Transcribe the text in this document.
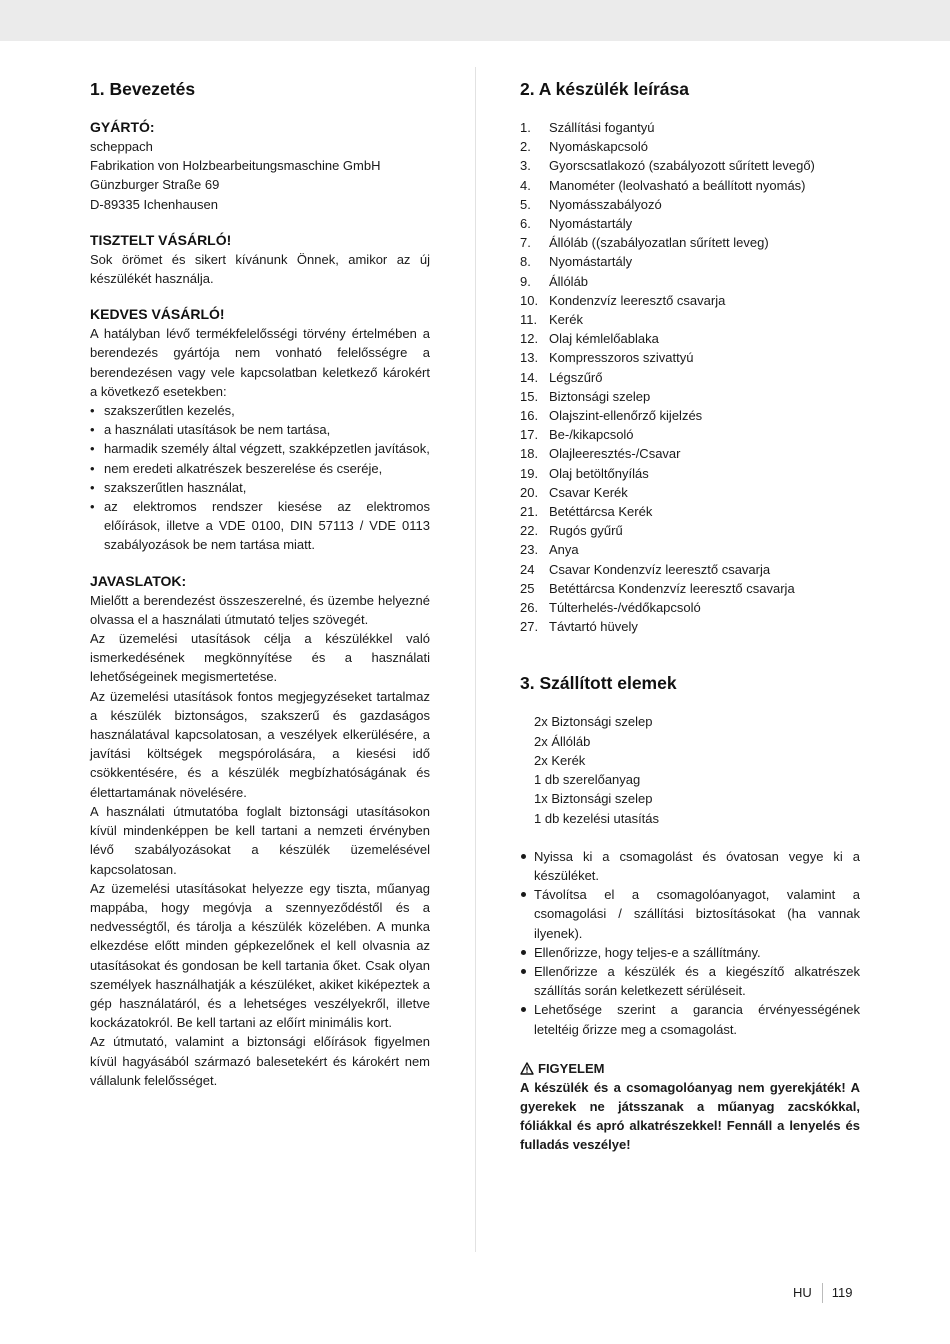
1. Bevezetés
GYÁRTÓ:
scheppach
Fabrikation von Holzbearbeitungsmaschine GmbH
Günzburger Straße 69
D-89335 Ichenhausen
TISZTELT VÁSÁRLÓ!

Sok örömet és sikert kívánunk Önnek, amikor az új készülékét használja.

KEDVES VÁSÁRLÓ!

A hatályban lévő termékfelelősségi törvény értelmében a berendezés gyártója nem vonható felelősségre a berendezésen vagy vele kapcsolatban keletkező károkért a következő esetekben:

• szakszerűtlen kezelés,
• a használati utasítások be nem tartása,
• harmadik személy által végzett, szakképzetlen javítások,
• nem eredeti alkatrészek beszerelése és cseréje,
• szakszerűtlen használat,
• az elektromos rendszer kiesése az elektromos előírások, illetve a VDE 0100, DIN 57113 / VDE 0113 szabályozások be nem tartása miatt.
JAVASLATOK:

Mielőtt a berendezést összeszerelné, és üzembe helyezné olvassa el a használati útmutató teljes szövegét.

Az üzemelési utasítások célja a készülékkel való ismerkedésének megkönnyítése és a használati lehetőségeinek megismertetése.

Az üzemelési utasítások fontos megjegyzéseket tartalmaz a készülék biztonságos, szakszerű és gazdaságos használatával kapcsolatosan, a veszélyek elkerülésére, a javítási költségek megspórolására, a kiesési idő csökkentésére, és a készülék megbízhatóságának és élettartamának növelésére.

A használati útmutatóba foglalt biztonsági utasításokon kívül mindenképpen be kell tartani a nemzeti érvényben lévő szabályozásokat a készülék üzemelésével kapcsolatosan.

Az üzemelési utasításokat helyezze egy tiszta, műanyag mappába, hogy megóvja a szennyeződéstől és a nedvességtől, és tárolja a készülék közelében. A munka elkezdése előtt minden gépkezelőnek el kell olvasnia az utasításokat és gondosan be kell tartania őket. Csak olyan személyek használhatják a készüléket, akiket kiképeztek a gép használatáról, és a lehetséges veszélyekről, illetve kockázatokról. Be kell tartani az előírt minimális kort.

Az útmutató, valamint a biztonsági előírások figyelmen kívül hagyásából származó balesetekért és károkért nem vállalunk felelősséget.

2. A készülék leírása
1.	Szállítási fogantyú
2.	Nyomáskapcsoló
3.	Gyorscsatlakozó (szabályozott sűrített levegő)
4.	Manométer (leolvasható a beállított nyomás)
5.	Nyomásszabályozó
6.	Nyomástartály
7.	Állóláb ((szabályozatlan sűrített leveg)
8.	Nyomástartály
9.	Állóláb
10. Kondenzvíz leeresztő csavarja
11. Kerék
12. Olaj kémlelőablaka
13. Kompresszoros szivattyú
14. Légszűrő
15. Biztonsági szelep
16. Olajszint-ellenőrző kijelzés
17. Be-/kikapcsoló
18. Olajleeresztés-/Csavar
19. Olaj betöltőnyílás
20. Csavar Kerék
21. Betéttárcsa Kerék
22. Rugós gyűrű
23. Anya
24	Csavar Kondenzvíz leeresztő csavarja
25	Betéttárcsa Kondenzvíz leeresztő csavarja
26. Túlterhelés-/védőkapcsoló
27. Távtartó hüvely
3. Szállított elemek
2x Biztonsági szelep
2x Állóláb
2x Kerék
1 db szerelőanyag
1x Biztonsági szelep
1 db kezelési utasítás
Nyissa ki a csomagolást és óvatosan vegye ki a készüléket.
Távolítsa el a csomagolóanyagot, valamint a csomagolási / szállítási biztosításokat (ha vannak ilyenek).
Ellenőrizze, hogy teljes-e a szállítmány.
Ellenőrizze a készülék és a kiegészítő alkatrészek szállítás során keletkezett sérüléseit.
Lehetősége szerint a garancia érvényességének leteltéig őrizze meg a csomagolást.
FIGYELEM

A készülék és a csomagolóanyag nem gyerekjáték! A gyerekek ne játsszanak a műanyag zacskókkal, fóliákkal és apró alkatrészekkel! Fennáll a lenyelés és fulladás veszélye!

HU	119
